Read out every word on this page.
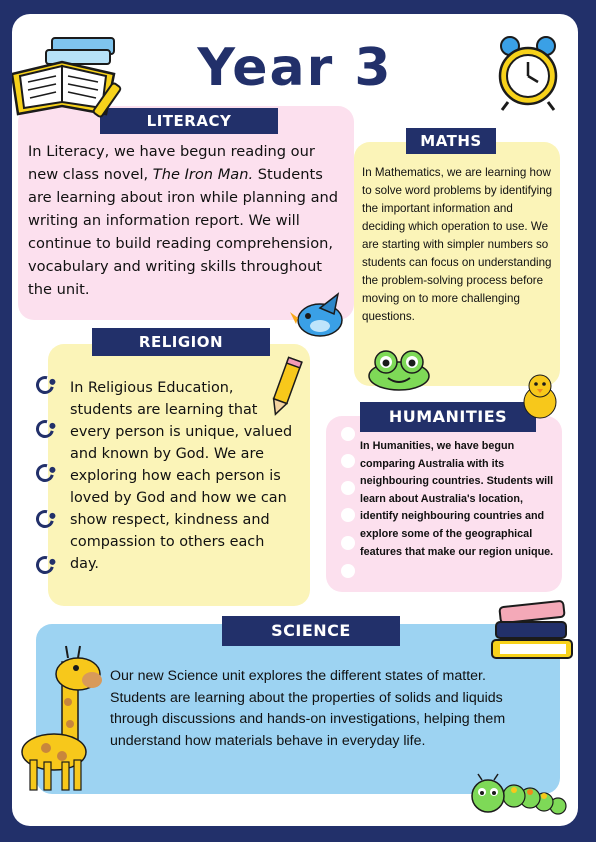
Year 3
LITERACY
In Literacy, we have begun reading our new class novel, The Iron Man. Students are learning about iron while planning and writing an information report. We will continue to build reading comprehension, vocabulary and writing skills throughout the unit.
MATHS
In Mathematics, we are learning how to solve word problems by identifying the important information and deciding which operation to use. We are starting with simpler numbers so students can focus on understanding the problem-solving process before moving on to more challenging questions.
RELIGION
In Religious Education, students are learning that every person is unique, valued and known by God. We are exploring how each person is loved by God and how we can show respect, kindness and compassion to others each day.
HUMANITIES
In Humanities, we have begun comparing Australia with its neighbouring countries. Students will learn about Australia's location, identify neighbouring countries and explore some of the geographical features that make our region unique.
SCIENCE
Our new Science unit explores the different states of matter. Students are learning about the properties of solids and liquids through discussions and hands-on investigations, helping them understand how materials behave in everyday life.
